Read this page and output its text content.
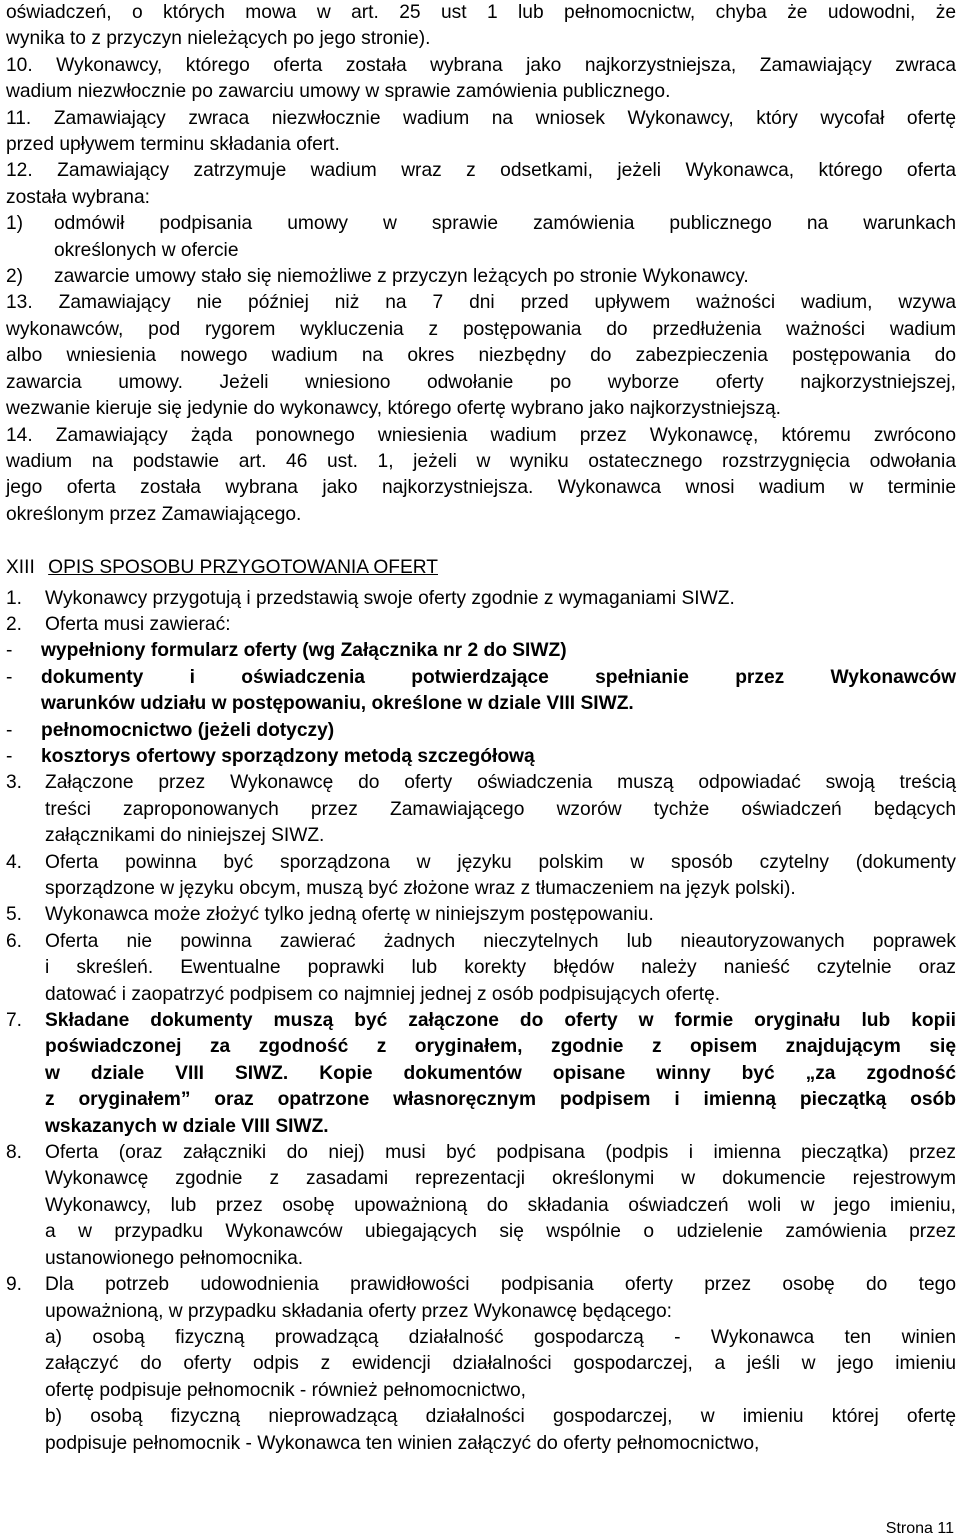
oświadczeń, o których mowa w art. 25 ust 1 lub pełnomocnictw, chyba że udowodni, że

wynika to z przyczyn nieleżących po jego stronie).

10. Wykonawcy, którego oferta została wybrana jako najkorzystniejsza, Zamawiający zwraca

wadium niezwłocznie po zawarciu umowy w sprawie zamówienia publicznego.

11. Zamawiający zwraca niezwłocznie wadium na wniosek Wykonawcy, który wycofał ofertę

przed upływem terminu składania ofert.

12. Zamawiający zatrzymuje wadium wraz z odsetkami, jeżeli Wykonawca, którego oferta

została wybrana:

1)	odmówił podpisania umowy w sprawie zamówienia publicznego na warunkach

określonych w ofercie

2)	zawarcie umowy stało się niemożliwe z przyczyn leżących po stronie Wykonawcy.

13. Zamawiający nie później niż na 7 dni przed upływem ważności wadium, wzywa

wykonawców, pod rygorem wykluczenia z postępowania do przedłużenia ważności wadium

albo wniesienia nowego wadium na okres niezbędny do zabezpieczenia postępowania do

zawarcia umowy. Jeżeli wniesiono odwołanie po wyborze oferty najkorzystniejszej,

wezwanie kieruje się jedynie do wykonawcy, którego ofertę wybrano jako najkorzystniejszą.

14. Zamawiający żąda ponownego wniesienia wadium przez Wykonawcę, któremu zwrócono

wadium na podstawie art. 46 ust. 1, jeżeli w wyniku ostatecznego rozstrzygnięcia odwołania

jego oferta została wybrana jako najkorzystniejsza. Wykonawca wnosi wadium w terminie

określonym przez Zamawiającego.

XIII OPIS SPOSOBU PRZYGOTOWANIA OFERT

1.	Wykonawcy przygotują i przedstawią swoje oferty zgodnie z wymaganiami SIWZ.

2.	Oferta musi zawierać:

-	wypełniony formularz oferty (wg Załącznika nr 2 do SIWZ)

-	dokumenty i oświadczenia potwierdzające spełnianie przez Wykonawców

warunków udziału w postępowaniu, określone w dziale VIII SIWZ.

-	pełnomocnictwo (jeżeli dotyczy)

-	kosztorys ofertowy sporządzony metodą szczegółową

3.	Załączone przez Wykonawcę do oferty oświadczenia muszą odpowiadać swoją treścią

treści zaproponowanych przez Zamawiającego wzorów tychże oświadczeń będących

załącznikami do niniejszej SIWZ.

4.	Oferta powinna być sporządzona w języku polskim w sposób czytelny (dokumenty

sporządzone w języku obcym, muszą być złożone wraz z tłumaczeniem na język polski).

5.	Wykonawca może złożyć tylko jedną ofertę w niniejszym postępowaniu.

6.	Oferta nie powinna zawierać żadnych nieczytelnych lub nieautoryzowanych poprawek

i skreśleń. Ewentualne poprawki lub korekty błędów należy nanieść czytelnie oraz

datować i zaopatrzyć podpisem co najmniej jednej z osób podpisujących ofertę.

7.	Składane dokumenty muszą być załączone do oferty w formie oryginału lub kopii

poświadczonej za zgodność z oryginałem, zgodnie z opisem znajdującym się

w dziale VIII SIWZ. Kopie dokumentów opisane winny być „za zgodność

z oryginałem” oraz opatrzone własnoręcznym podpisem i imienną pieczątką osób

wskazanych w dziale VIII SIWZ.

8.	Oferta (oraz załączniki do niej) musi być podpisana (podpis i imienna pieczątka) przez

Wykonawcę zgodnie z zasadami reprezentacji określonymi w dokumencie rejestrowym

Wykonawcy, lub przez osobę upoważnioną do składania oświadczeń woli w jego imieniu,

a w przypadku Wykonawców ubiegających się wspólnie o udzielenie zamówienia przez

ustanowionego pełnomocnika.

9.	Dla potrzeb udowodnienia prawidłowości podpisania oferty przez osobę do tego

upoważnioną, w przypadku składania oferty przez Wykonawcę będącego:

a) osobą fizyczną prowadzącą działalność gospodarczą - Wykonawca ten winien

załączyć do oferty odpis z ewidencji działalności gospodarczej, a jeśli w jego imieniu

ofertę podpisuje pełnomocnik - również pełnomocnictwo,

b) osobą fizyczną nieprowadzącą działalności gospodarczej, w imieniu której ofertę

podpisuje pełnomocnik - Wykonawca ten winien załączyć do oferty pełnomocnictwo,

Strona 11
